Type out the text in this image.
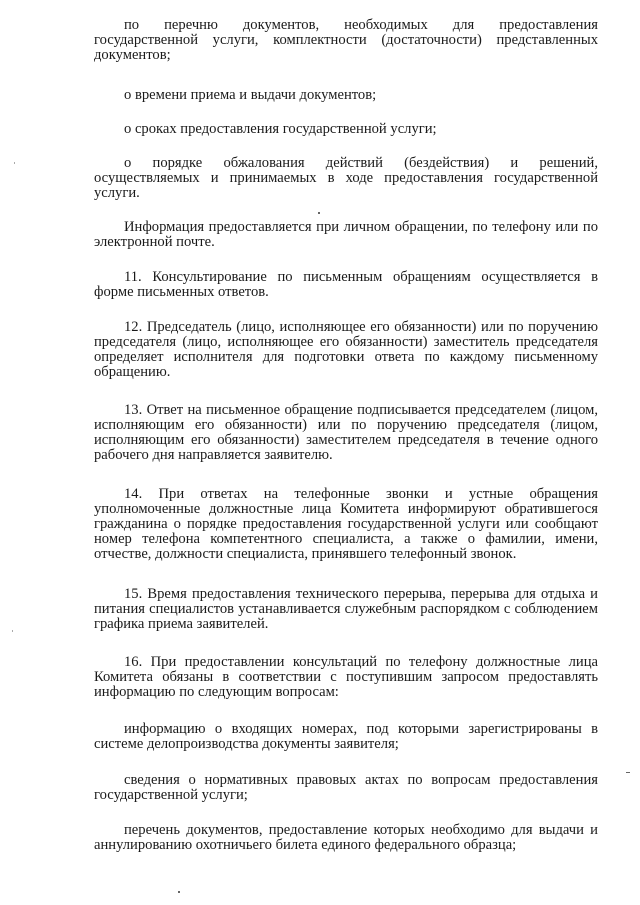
по перечню документов, необходимых для предоставления государственной услуги, комплектности (достаточности) представленных документов;

о времени приема и выдачи документов;

о сроках предоставления государственной услуги;

о порядке обжалования действий (бездействия) и решений, осуществляемых и принимаемых в ходе предоставления государственной услуги.

Информация предоставляется при личном обращении, по телефону или по электронной почте.

11. Консультирование по письменным обращениям осуществляется в форме письменных ответов.

12. Председатель (лицо, исполняющее его обязанности) или по поручению председателя (лицо, исполняющее его обязанности) заместитель председателя определяет исполнителя для подготовки ответа по каждому письменному обращению.

13. Ответ на письменное обращение подписывается председателем (лицом, исполняющим его обязанности) или по поручению председателя (лицом, исполняющим его обязанности) заместителем председателя в течение одного рабочего дня направляется заявителю.

14. При ответах на телефонные звонки и устные обращения уполномоченные должностные лица Комитета информируют обратившегося гражданина о порядке предоставления государственной услуги или сообщают номер телефона компетентного специалиста, а также о фамилии, имени, отчестве, должности специалиста, принявшего телефонный звонок.

15. Время предоставления технического перерыва, перерыва для отдыха и питания специалистов устанавливается служебным распорядком с соблюдением графика приема заявителей.

16. При предоставлении консультаций по телефону должностные лица Комитета обязаны в соответствии с поступившим запросом предоставлять информацию по следующим вопросам:

информацию о входящих номерах, под которыми зарегистрированы в системе делопроизводства документы заявителя;

сведения о нормативных правовых актах по вопросам предоставления государственной услуги;

перечень документов, предоставление которых необходимо для выдачи и аннулированию охотничьего билета единого федерального образца;
